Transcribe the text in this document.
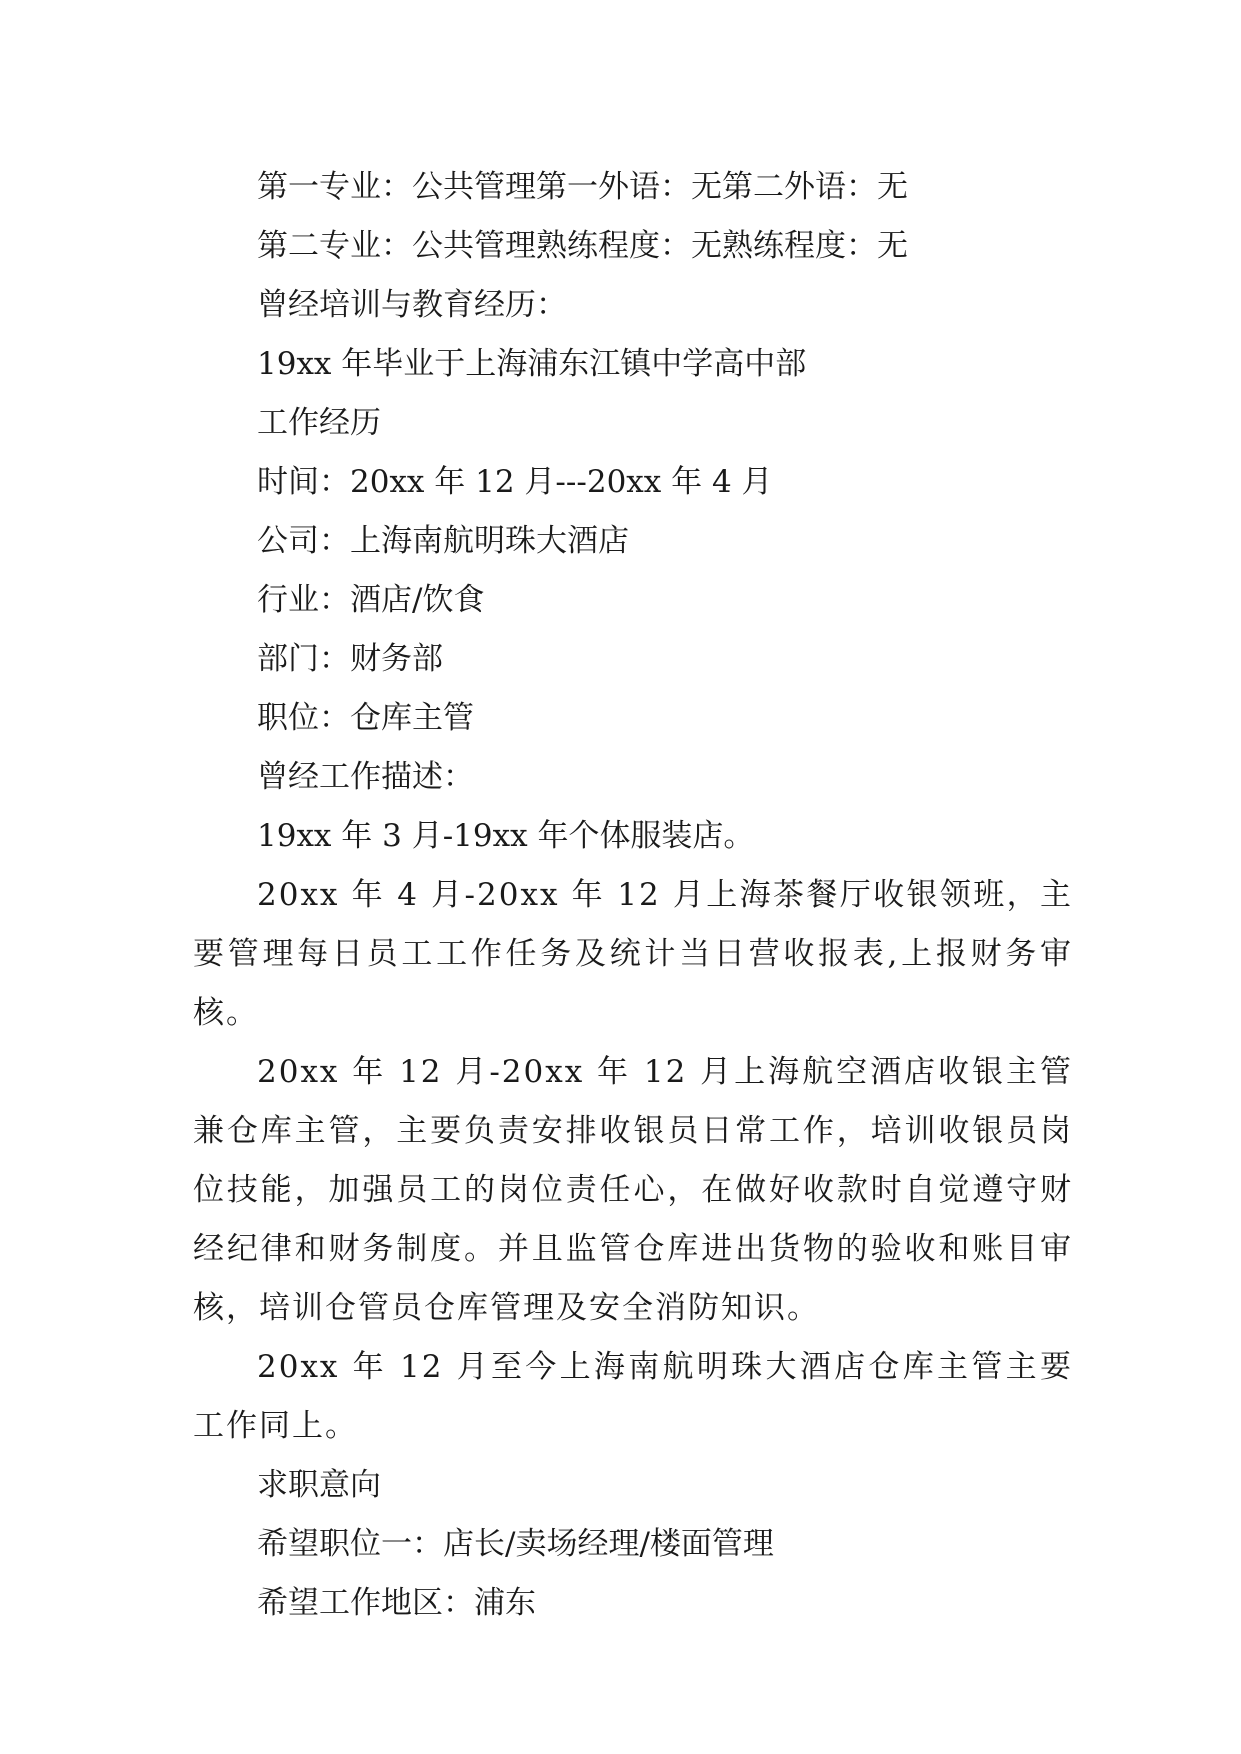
第一专业：公共管理第一外语：无第二外语：无

第二专业：公共管理熟练程度：无熟练程度：无

曾经培训与教育经历：

19xx 年毕业于上海浦东江镇中学高中部

工作经历

时间：20xx 年 12 月---20xx 年 4 月

公司：上海南航明珠大酒店

行业：酒店/饮食

部门：财务部

职位：仓库主管

曾经工作描述：

19xx 年 3 月-19xx 年个体服装店。

20xx 年 4 月-20xx 年 12 月上海茶餐厅收银领班，主要管理每日员工工作任务及统计当日营收报表,上报财务审核。

20xx 年 12 月-20xx 年 12 月上海航空酒店收银主管兼仓库主管，主要负责安排收银员日常工作，培训收银员岗位技能，加强员工的岗位责任心，在做好收款时自觉遵守财经纪律和财务制度。并且监管仓库进出货物的验收和账目审核，培训仓管员仓库管理及安全消防知识。

20xx 年 12 月至今上海南航明珠大酒店仓库主管主要工作同上。

求职意向

希望职位一：店长/卖场经理/楼面管理

希望工作地区：浦东
